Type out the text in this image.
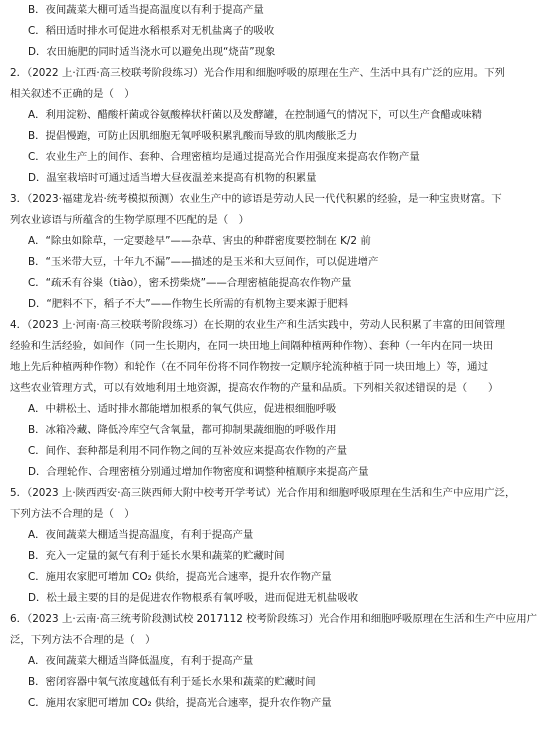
B．夜间蔬菜大棚可适当提高温度以有利于提高产量
C．稻田适时排水可促进水稻根系对无机盐离子的吸收
D．农田施肥的同时适当浇水可以避免出现“烧苗”现象
2．（2022 上·江西·高三校联考阶段练习）光合作用和细胞呼吸的原理在生产、生活中具有广泛的应用。下列
相关叙述不正确的是（　）
A．利用淀粉、醋酸杆菌或谷氨酸棒状杆菌以及发酵罐，在控制通气的情况下，可以生产食醋或味精
B．提倡慢跑，可防止因肌细胞无氧呼吸积累乳酸而导致的肌肉酸胀乏力
C．农业生产上的间作、套种、合理密植均是通过提高光合作用强度来提高农作物产量
D．温室栽培时可通过适当增大昼夜温差来提高有机物的积累量
3．（2023·福建龙岩·统考模拟预测）农业生产中的谚语是劳动人民一代代积累的经验，是一种宝贵财富。下
列农业谚语与所蕴含的生物学原理不匹配的是（　）
A．“除虫如除草，一定要趁早”——杂草、害虫的种群密度要控制在 K/2 前
B．“玉米带大豆，十年九不漏”——描述的是玉米和大豆间作，可以促进增产
C．“疏禾有谷粜（tiào），密禾捞柴烧”——合理密植能提高农作物产量
D．“肥料不下，稻子不大”——作物生长所需的有机物主要来源于肥料
4．（2023 上·河南·高三校联考阶段练习）在长期的农业生产和生活实践中，劳动人民积累了丰富的田间管理
经验和生活经验，如间作（同一生长期内，在同一块田地上间隔种植两种作物）、套种（一年内在同一块田
地上先后种植两种作物）和轮作（在不同年份将不同作物按一定顺序轮流种植于同一块田地上）等，通过
这些农业管理方式，可以有效地利用土地资源，提高农作物的产量和品质。下列相关叙述错误的是（　　）
A．中耕松土、适时排水都能增加根系的氧气供应，促进根细胞呼吸
B．冰箱冷藏、降低冷库空气含氧量，都可抑制果蔬细胞的呼吸作用
C．间作、套种都是利用不同作物之间的互补效应来提高农作物的产量
D．合理轮作、合理密植分别通过增加作物密度和调整种植顺序来提高产量
5．（2023 上·陕西西安·高三陕西师大附中校考开学考试）光合作用和细胞呼吸原理在生活和生产中应用广泛，
下列方法不合理的是（　）
A．夜间蔬菜大棚适当提高温度，有利于提高产量
B．充入一定量的氮气有利于延长水果和蔬菜的贮藏时间
C．施用农家肥可增加 CO₂ 供给，提高光合速率，提升农作物产量
D．松土最主要的目的是促进农作物根系有氧呼吸，进而促进无机盐吸收
6．（2023 上·云南·高三统考阶段测试校 2017112 校考阶段练习）光合作用和细胞呼吸原理在生活和生产中应用广
泛，下列方法不合理的是（　）
A．夜间蔬菜大棚适当降低温度，有利于提高产量
B．密闭容器中氧气浓度越低有利于延长水果和蔬菜的贮藏时间
C．施用农家肥可增加 CO₂ 供给，提高光合速率，提升农作物产量
